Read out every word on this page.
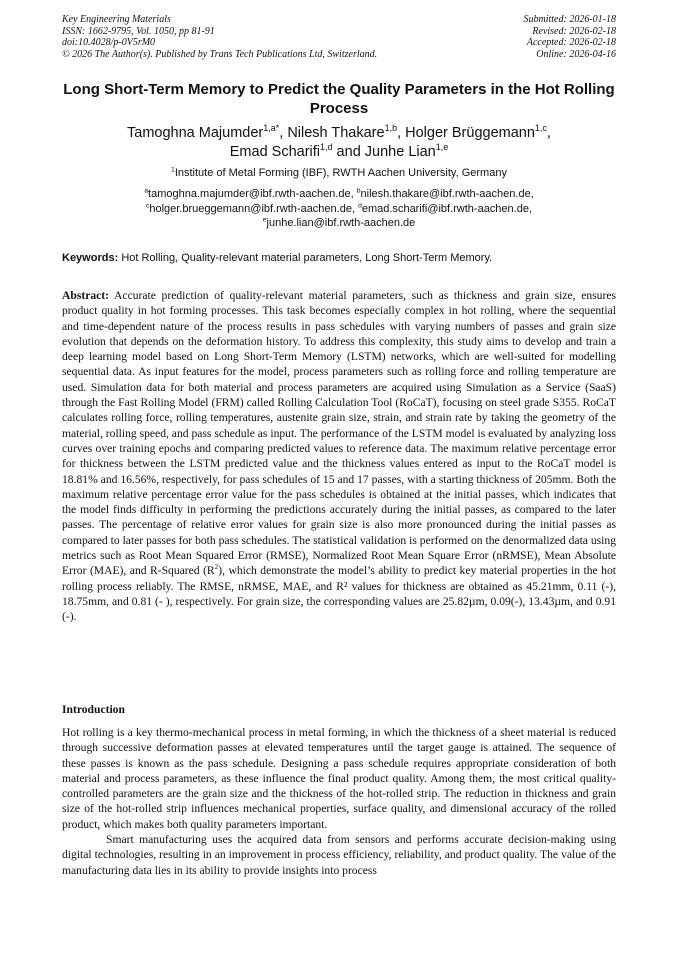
Key Engineering Materials
ISSN: 1662-9795, Vol. 1050, pp 81-91
doi:10.4028/p-0V5rM0
© 2026 The Author(s). Published by Trans Tech Publications Ltd, Switzerland.
Submitted: 2026-01-18
Revised: 2026-02-18
Accepted: 2026-02-18
Online: 2026-04-16
Long Short-Term Memory to Predict the Quality Parameters in the Hot Rolling Process
Tamoghna Majumder$^{1,a*}$, Nilesh Thakare$^{1,b}$, Holger Brüggemann$^{1,c}$,
Emad Scharifi$^{1,d}$ and Junhe Lian$^{1,e}$
$^1$Institute of Metal Forming (IBF), RWTH Aachen University, Germany
$^a$tamoghna.majumder@ibf.rwth-aachen.de, $^b$nilesh.thakare@ibf.rwth-aachen.de,
$^c$holger.brueggemann@ibf.rwth-aachen.de, $^d$emad.scharifi@ibf.rwth-aachen.de,
$^e$junhe.lian@ibf.rwth-aachen.de
Keywords: Hot Rolling, Quality-relevant material parameters, Long Short-Term Memory.

Abstract: Accurate prediction of quality-relevant material parameters, such as thickness and grain size, ensures product quality in hot forming processes. This task becomes especially complex in hot rolling, where the sequential and time-dependent nature of the process results in pass schedules with varying numbers of passes and grain size evolution that depends on the deformation history. To address this complexity, this study aims to develop and train a deep learning model based on Long Short-Term Memory (LSTM) networks, which are well-suited for modelling sequential data. As input features for the model, process parameters such as rolling force and rolling temperature are used. Simulation data for both material and process parameters are acquired using Simulation as a Service (SaaS) through the Fast Rolling Model (FRM) called Rolling Calculation Tool (RoCaT), focusing on steel grade S355. RoCaT calculates rolling force, rolling temperatures, austenite grain size, strain, and strain rate by taking the geometry of the material, rolling speed, and pass schedule as input. The performance of the LSTM model is evaluated by analyzing loss curves over training epochs and comparing predicted values to reference data. The maximum relative percentage error for thickness between the LSTM predicted value and the thickness values entered as input to the RoCaT model is 18.81% and 16.56%, respectively, for pass schedules of 15 and 17 passes, with a starting thickness of 205mm. Both the maximum relative percentage error value for the pass schedules is obtained at the initial passes, which indicates that the model finds difficulty in performing the predictions accurately during the initial passes, as compared to the later passes. The percentage of relative error values for grain size is also more pronounced during the initial passes as compared to later passes for both pass schedules. The statistical validation is performed on the denormalized data using metrics such as Root Mean Squared Error (RMSE), Normalized Root Mean Square Error (nRMSE), Mean Absolute Error (MAE), and R-Squared $(R^2)$, which demonstrate the model’s ability to predict key material properties in the hot rolling process reliably. The RMSE, nRMSE, MAE, and R² values for thickness are obtained as 45.21mm, 0.11 (-), 18.75mm, and 0.81 (- ), respectively. For grain size, the corresponding values are 25.82µm, 0.09(-), 13.43µm, and 0.91 (-).

Introduction

Hot rolling is a key thermo-mechanical process in metal forming, in which the thickness of a sheet material is reduced through successive deformation passes at elevated temperatures until the target gauge is attained. The sequence of these passes is known as the pass schedule. Designing a pass schedule requires appropriate consideration of both material and process parameters, as these influence the final product quality. Among them, the most critical quality-controlled parameters are the grain size and the thickness of the hot-rolled strip. The reduction in thickness and grain size of the hot-rolled strip influences mechanical properties, surface quality, and dimensional accuracy of the rolled product, which makes both quality parameters important.

Smart manufacturing uses the acquired data from sensors and performs accurate decision-making using digital technologies, resulting in an improvement in process efficiency, reliability, and product quality. The value of the manufacturing data lies in its ability to provide insights into process
